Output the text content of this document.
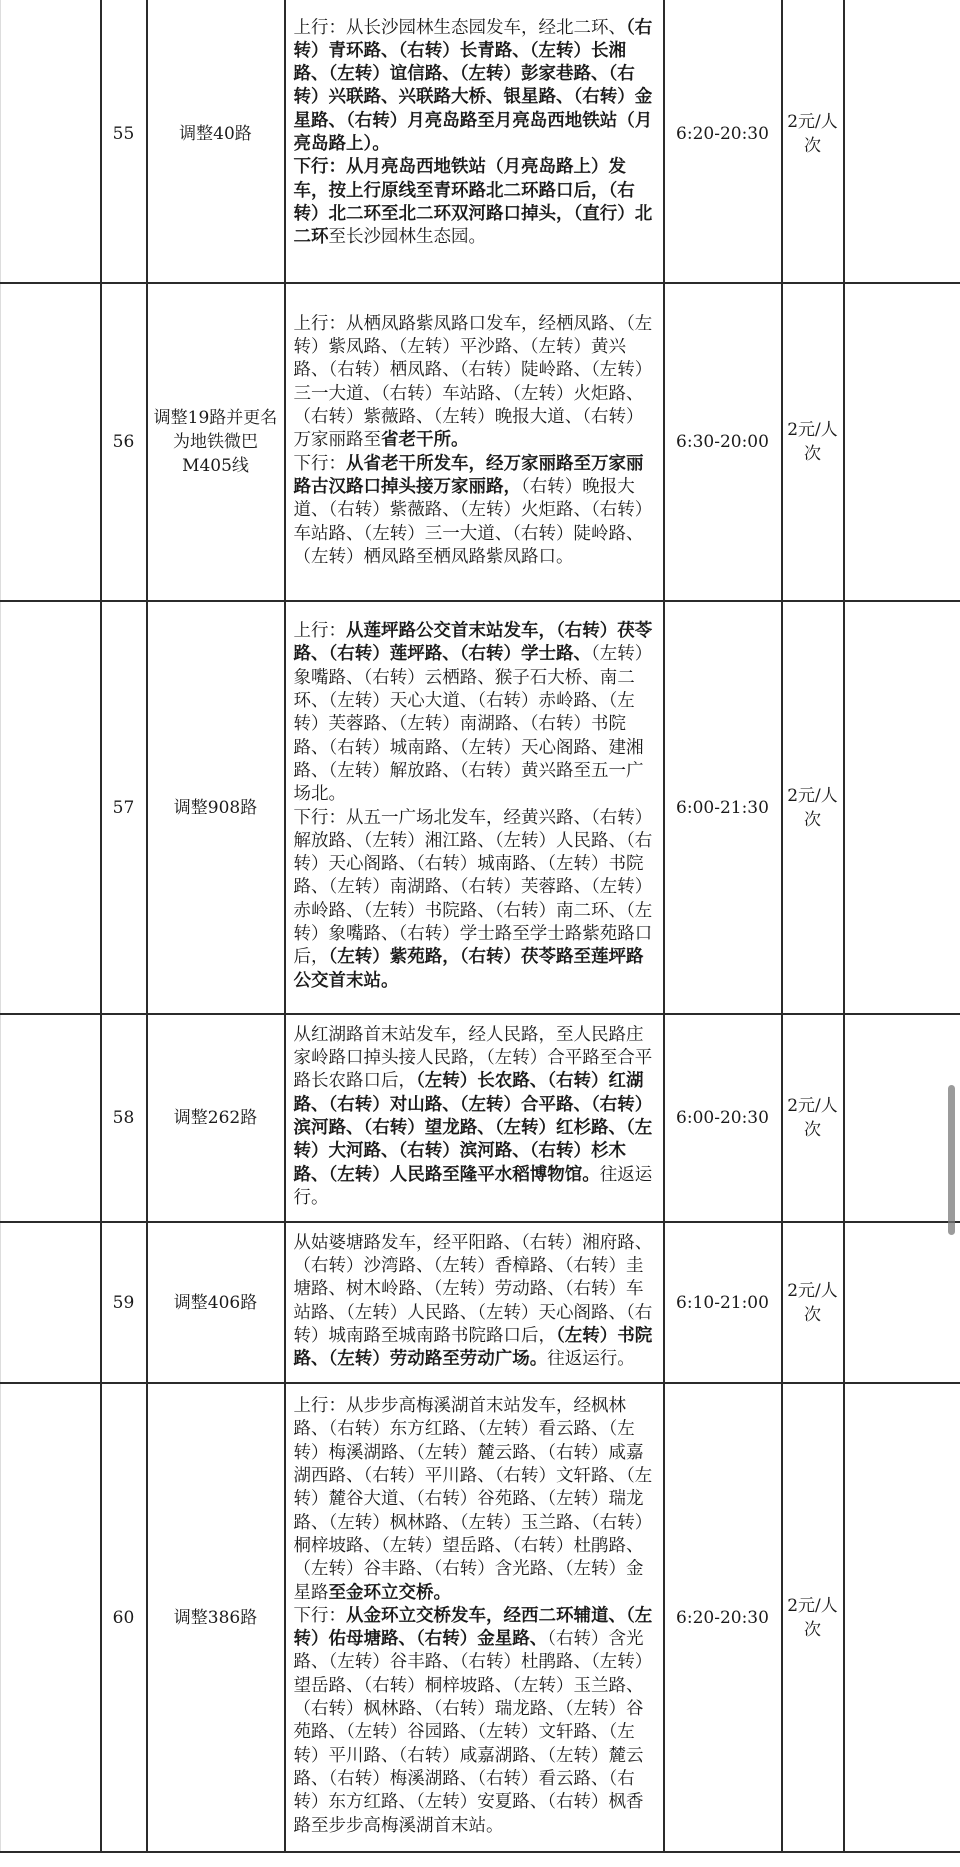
	55	调整40路	上行：从长沙园林生态园发车，经北二环、（右转）青环路、（右转）长青路、（左转）长湘路、（左转）谊信路、（左转）彭家巷路、（右转）兴联路、兴联路大桥、银星路、（右转）金星路、（右转）月亮岛路至月亮岛西地铁站（月亮岛路上）。
下行：从月亮岛西地铁站（月亮岛路上）发车，按上行原线至青环路北二环路口后，（右转）北二环至北二环双河路口掉头，（直行）北二环至长沙园林生态园。	6:20-20:30	2元/人次	
	56	调整19路并更名为地铁微巴M405线	上行：从栖凤路紫凤路口发车，经栖凤路、（左转）紫凤路、（左转）平沙路、（左转）黄兴路、（右转）栖凤路、（右转）陡岭路、（左转）三一大道、（右转）车站路、（左转）火炬路、（右转）紫薇路、（左转）晚报大道、（右转）万家丽路至省老干所。
下行：从省老干所发车，经万家丽路至万家丽路古汉路口掉头接万家丽路，（右转）晚报大道、（右转）紫薇路、（左转）火炬路、（右转）车站路、（左转）三一大道、（右转）陡岭路、（左转）栖凤路至栖凤路紫凤路口。	6:30-20:00	2元/人次	
	57	调整908路	上行：从莲坪路公交首末站发车，（右转）茯苓路、（右转）莲坪路、（右转）学士路、（左转）象嘴路、（右转）云栖路、猴子石大桥、南二环、（左转）天心大道、（右转）赤岭路、（左转）芙蓉路、（左转）南湖路、（右转）书院路、（右转）城南路、（左转）天心阁路、建湘路、（左转）解放路、（右转）黄兴路至五一广场北。
下行：从五一广场北发车，经黄兴路、（右转）解放路、（左转）湘江路、（左转）人民路、（右转）天心阁路、（右转）城南路、（左转）书院路、（左转）南湖路、（右转）芙蓉路、（左转）赤岭路、（左转）书院路、（右转）南二环、（左转）象嘴路、（右转）学士路至学士路紫苑路口后，（左转）紫苑路，（右转）茯苓路至莲坪路公交首末站。	6:00-21:30	2元/人次	
	58	调整262路	从红湖路首末站发车，经人民路，至人民路庄家岭路口掉头接人民路，（左转）合平路至合平路长农路口后，（左转）长农路、（右转）红湖路、（右转）对山路、（左转）合平路、（右转）滨河路、（右转）望龙路、（左转）红杉路、（左转）大河路、（右转）滨河路、（右转）杉木路、（左转）人民路至隆平水稻博物馆。往返运行。	6:00-20:30	2元/人次	
	59	调整406路	从姑婆塘路发车，经平阳路、（右转）湘府路、（右转）沙湾路、（左转）香樟路、（右转）圭塘路、树木岭路、（左转）劳动路、（右转）车站路、（左转）人民路、（左转）天心阁路、（右转）城南路至城南路书院路口后，（左转）书院路、（左转）劳动路至劳动广场。往返运行。	6:10-21:00	2元/人次	
	60	调整386路	上行：从步步高梅溪湖首末站发车，经枫林路、（右转）东方红路、（左转）看云路、（左转）梅溪湖路、（左转）麓云路、（右转）咸嘉湖西路、（右转）平川路、（右转）文轩路、（左转）麓谷大道、（右转）谷苑路、（左转）瑞龙路、（左转）枫林路、（左转）玉兰路、（右转）桐梓坡路、（左转）望岳路、（右转）杜鹃路、（左转）谷丰路、（右转）含光路、（左转）金星路至金环立交桥。
下行：从金环立交桥发车，经西二环辅道、（左转）佑母塘路、（右转）金星路、（右转）含光路、（左转）谷丰路、（右转）杜鹃路、（左转）望岳路、（右转）桐梓坡路、（左转）玉兰路、（右转）枫林路、（右转）瑞龙路、（左转）谷苑路、（左转）谷园路、（左转）文轩路、（左转）平川路、（右转）咸嘉湖路、（左转）麓云路、（右转）梅溪湖路、（右转）看云路、（右转）东方红路、（左转）安夏路、（右转）枫香路至步步高梅溪湖首末站。	6:20-20:30	2元/人次	
